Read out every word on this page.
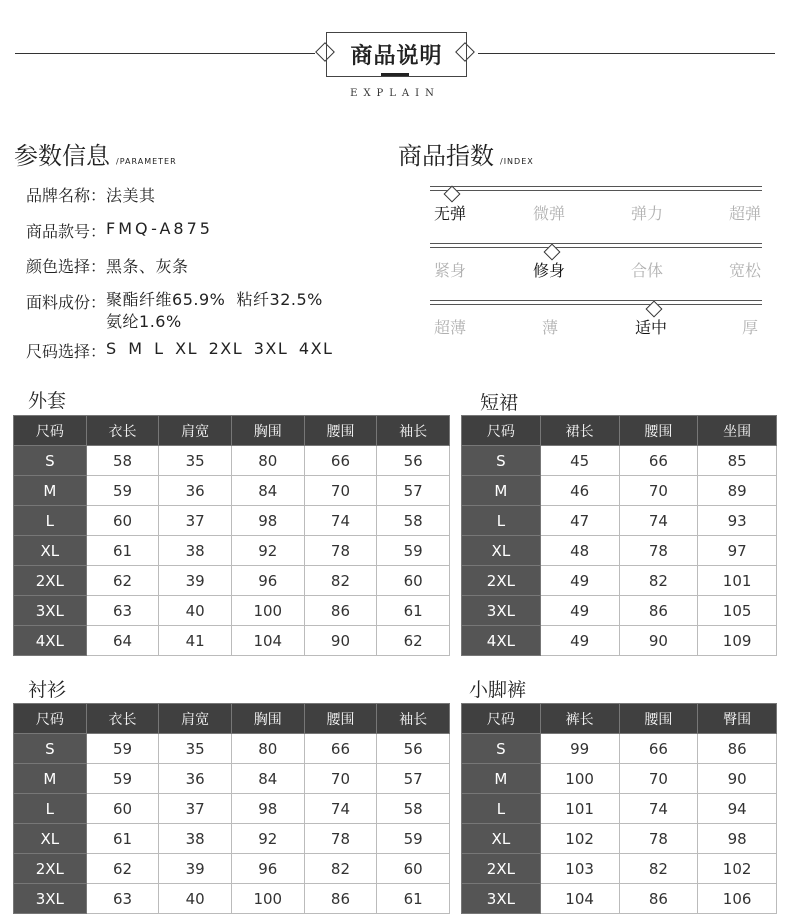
商品说明
EXPLAIN
参数信息 /PARAMETER
品牌名称： 法美其
商品款号： FMQ-A875
颜色选择： 黑条、灰条
面料成份： 聚酯纤维65.9%  粘纤32.5%
氨纶1.6%
尺码选择： S M L XL 2XL 3XL 4XL
商品指数 /INDEX
无弹	微弹	弹力	超弹
紧身	修身	合体	宽松
超薄	薄	适中	厚
外套
尺码	衣长	肩宽	胸围	腰围	袖长
S	58	35	80	66	56
M	59	36	84	70	57
L	60	37	98	74	58
XL	61	38	92	78	59
2XL	62	39	96	82	60
3XL	63	40	100	86	61
4XL	64	41	104	90	62
短裙
尺码	裙长	腰围	坐围
S	45	66	85
M	46	70	89
L	47	74	93
XL	48	78	97
2XL	49	82	101
3XL	49	86	105
4XL	49	90	109
衬衫
尺码	衣长	肩宽	胸围	腰围	袖长
S	59	35	80	66	56
M	59	36	84	70	57
L	60	37	98	74	58
XL	61	38	92	78	59
2XL	62	39	96	82	60
3XL	63	40	100	86	61
小脚裤
尺码	裤长	腰围	臀围
S	99	66	86
M	100	70	90
L	101	74	94
XL	102	78	98
2XL	103	82	102
3XL	104	86	106
